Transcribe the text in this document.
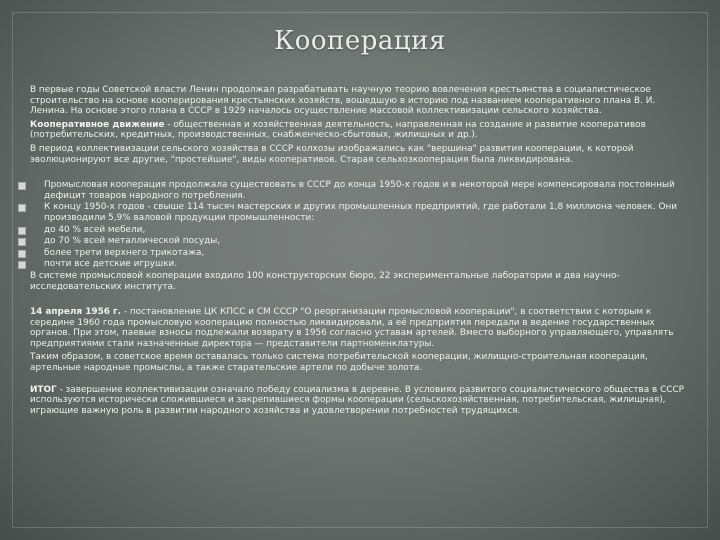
Кооперация

В первые годы Советской власти Ленин продолжал разрабатывать научную теорию вовлечения крестьянства в социалистическое строительство на основе кооперирования крестьянских хозяйств, вошедшую в историю под названием кооперативного плана В. И. Ленина. На основе этого плана в СССР в 1929 началось осуществление массовой коллективизации сельского хозяйства.

Кооперативное движение - общественная и хозяйственная деятельность, направленная на создание и развитие кооперативов (потребительских, кредитных, производственных, снабженческо-сбытовых, жилищных и др.).

В период коллективизации сельского хозяйства в СССР колхозы изображались как "вершина" развития кооперации, к которой эволюционируют все другие, "простейшие", виды кооперативов. Старая сельхозкооперация была ликвидирована.

Промысловая кооперация продолжала существовать в СССР до конца 1950-х годов и в некоторой мере компенсировала постоянный дефицит товаров народного потребления.
К концу 1950-х годов - свыше 114 тысяч мастерских и других промышленных предприятий, где работали 1,8 миллиона человек. Они производили 5,9% валовой продукции промышленности:
до 40 % всей мебели,
до 70 % всей металлической посуды,
более трети верхнего трикотажа,
почти все детские игрушки.

В системе промысловой кооперации входило 100 конструкторских бюро, 22 экспериментальные лаборатории и два научно-исследовательских института.

14 апреля 1956 г. - постановление ЦК КПСС и СМ СССР "О реорганизации промысловой кооперации", в соответствии с которым к середине 1960 года промысловую кооперацию полностью ликвидировали, а её предприятия передали в ведение государственных органов. При этом, паевые взносы подлежали возврату в 1956 согласно уставам артелей. Вместо выборного управляющего, управлять предприятиями стали назначенные директора — представители партноменклатуры.

Таким образом, в советское время оставалась только система потребительской кооперации, жилищно-строительная кооперация, артельные народные промыслы, а также старательские артели по добыче золота.

ИТОГ - завершение коллективизации означало победу социализма в деревне. В условиях развитого социалистического общества в СССР используются исторически сложившиеся и закрепившиеся формы кооперации (сельскохозяйственная, потребительская, жилищная), играющие важную роль в развитии народного хозяйства и удовлетворении потребностей трудящихся.
